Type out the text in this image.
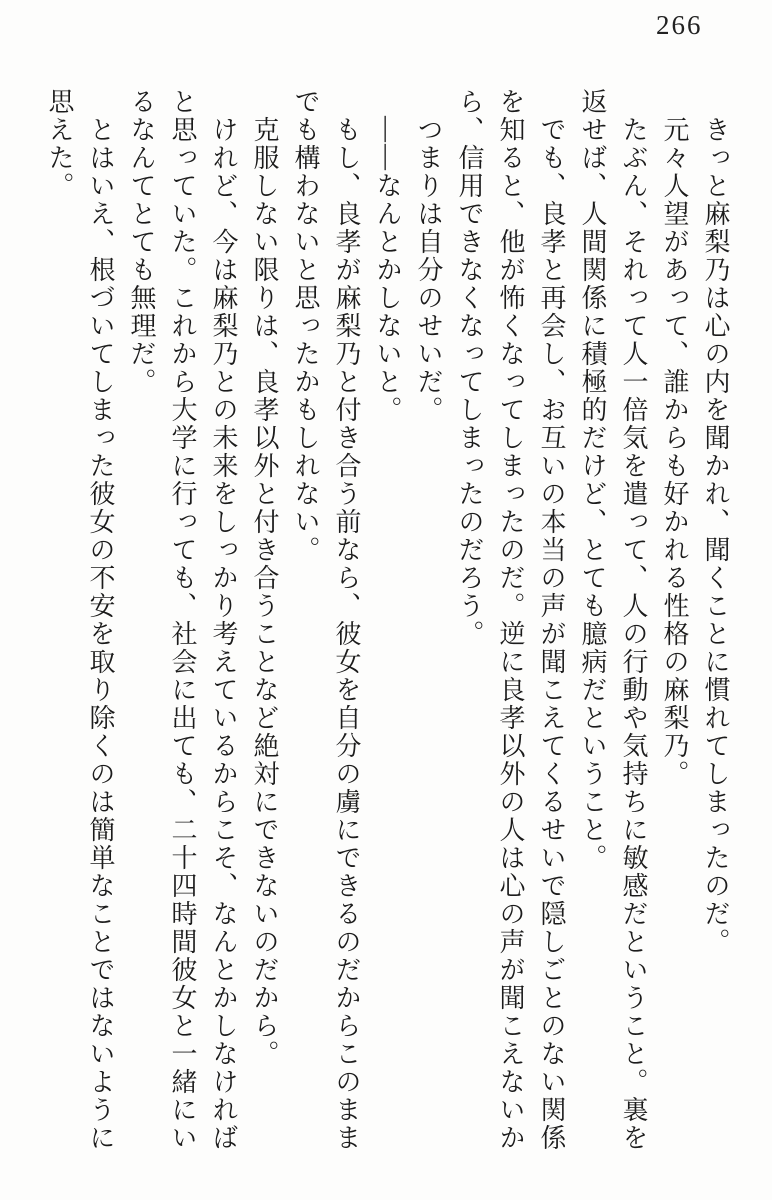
266

きっと麻梨乃は心の内を聞かれ、聞くことに慣れてしまったのだ。

元々人望があって、誰からも好かれる性格の麻梨乃。

たぶん、それって人一倍気を遣って、人の行動や気持ちに敏感だということ。裏を

返せば、人間関係に積極的だけど、とても臆病だということ。

でも、良孝と再会し、お互いの本当の声が聞こえてくるせいで隠しごとのない関係

を知ると、他が怖くなってしまったのだ。逆に良孝以外の人は心の声が聞こえないか

ら、信用できなくなってしまったのだろう。

つまりは自分のせいだ。

――なんとかしないと。

もし、良孝が麻梨乃と付き合う前なら、彼女を自分の虜にできるのだからこのまま

でも構わないと思ったかもしれない。

克服しない限りは、良孝以外と付き合うことなど絶対にできないのだから。

けれど、今は麻梨乃との未来をしっかり考えているからこそ、なんとかしなければ

と思っていた。これから大学に行っても、社会に出ても、二十四時間彼女と一緒にい

るなんてとても無理だ。

とはいえ、根づいてしまった彼女の不安を取り除くのは簡単なことではないように

思えた。
